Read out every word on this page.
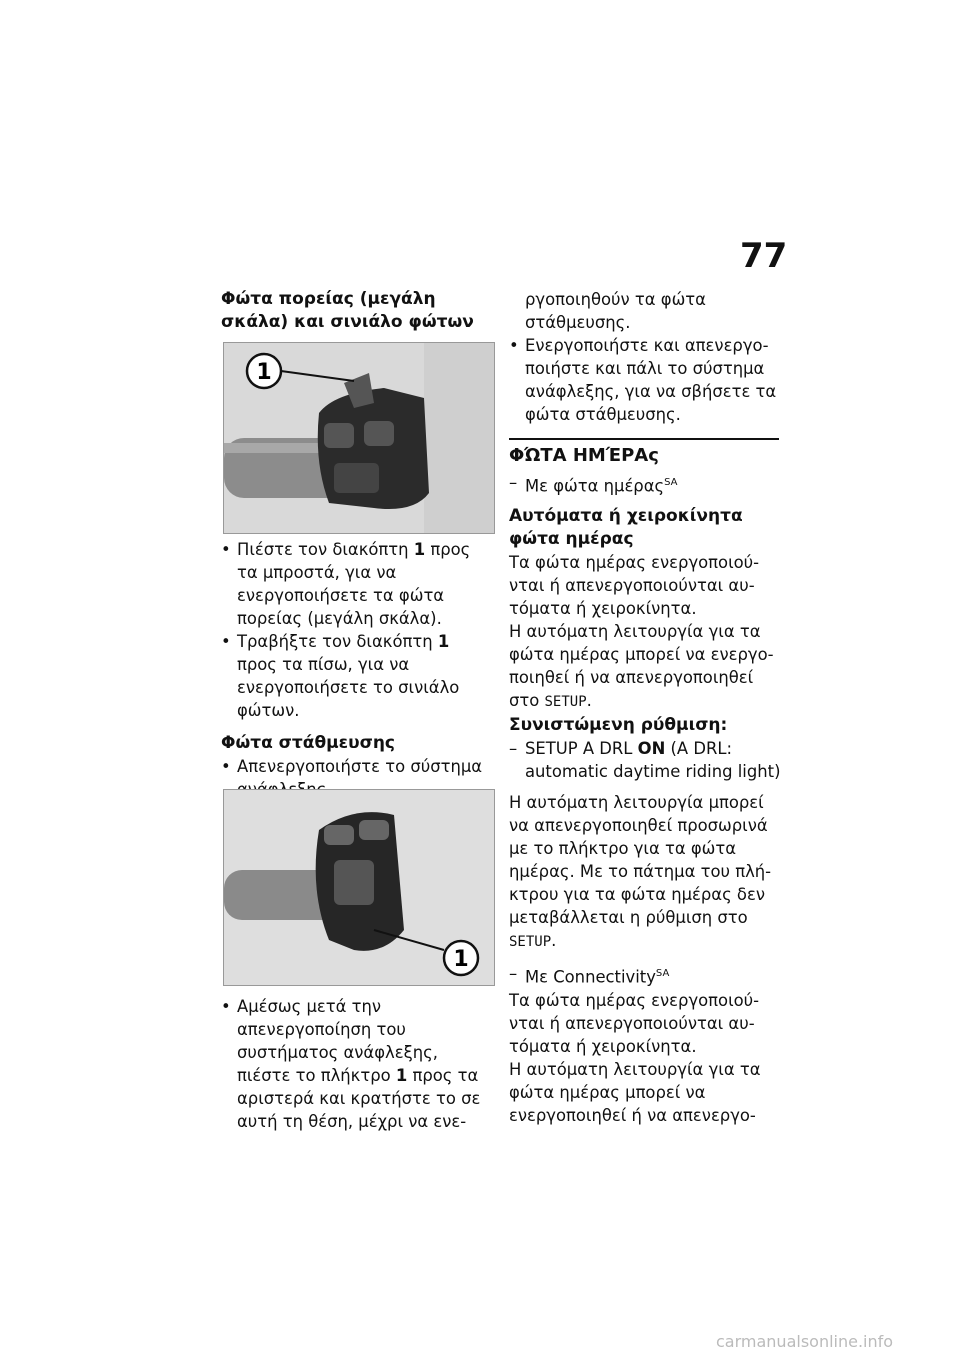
77
Φώτα πορείας (μεγάλη σκάλα) και σινιάλο φώτων
1
• Πιέστε τον διακόπτη 1 προς τα μπροστά, για να ενεργοποιήσετε τα φώτα πορείας (μεγάλη σκάλα).
• Τραβήξτε τον διακόπτη 1 προς τα πίσω, για να ενεργοποιήσετε το σινιάλο φώτων.
Φώτα στάθμευσης
• Απενεργοποιήστε το σύστημα
1
• Αμέσως μετά την απενεργοποίηση του συστήματος ανάφλεξης, πιέστε το πλήκτρο 1 προς τα αριστερά και κρατήστε το σε αυτή τη θέση, μέχρι να ενε-
ργοποιηθούν τα φώτα στάθμευσης.
• Ενεργοποιήστε και απενεργοποιήστε και πάλι το σύστημα ανάφλεξης, για να σβήσετε τα φώτα στάθμευσης.
ΦΏΤΑ ΗΜΈΡΑς
– Με φώτα ημέρας$^{SA}$
Αυτόματα ή χειροκίνητα φώτα ημέρας
Τα φώτα ημέρας ενεργοποιούνται ή απενεργοποιούνται αυτόματα ή χειροκίνητα.
Η αυτόματη λειτουργία για τα φώτα ημέρας μπορεί να ενεργοποιηθεί ή να απενεργοποιηθεί στο SETUP.
Συνιστώμενη ρύθμιση:
– SETUP A DRL ON (A DRL: automatic daytime riding light)
Η αυτόματη λειτουργία μπορεί να απενεργοποιηθεί προσωρινά με το πλήκτρο για τα φώτα ημέρας. Με το πάτημα του πλήκτρου για τα φώτα ημέρας δεν μεταβάλλεται η ρύθμιση στο SETUP.
– Με Connectivity$^{SA}$
Τα φώτα ημέρας ενεργοποιούνται ή απενεργοποιούνται αυτόματα ή χειροκίνητα.
Η αυτόματη λειτουργία για τα φώτα ημέρας μπορεί να ενεργοποιηθεί ή να απενεργο-
carmanualsonline.info
